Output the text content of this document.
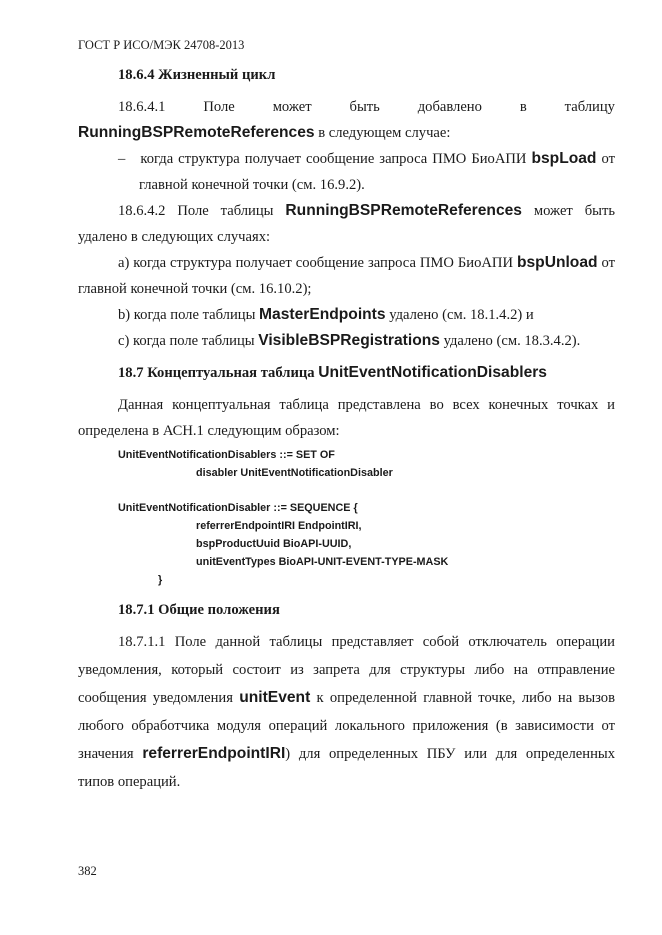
ГОСТ Р ИСО/МЭК 24708-2013
18.6.4 Жизненный цикл
18.6.4.1	Поле	может	быть	добавлено	в	таблицу
RunningBSPRemoteReferences в следующем случае:
– когда структура получает сообщение запроса ПМО БиоАПИ bspLoad от главной конечной точки (см. 16.9.2).
18.6.4.2 Поле таблицы RunningBSPRemoteReferences может быть удалено в следующих случаях:
а) когда структура получает сообщение запроса ПМО БиоАПИ bspUnload от главной конечной точки (см. 16.10.2);
b) когда поле таблицы MasterEndpoints удалено (см. 18.1.4.2) и
с) когда поле таблицы VisibleBSPRegistrations удалено (см. 18.3.4.2).
18.7 Концептуальная таблица UnitEventNotificationDisablers
Данная концептуальная таблица представлена во всех конечных точках и определена в АСН.1 следующим образом:
UnitEventNotificationDisablers ::= SET OF
disabler UnitEventNotificationDisabler
UnitEventNotificationDisabler ::= SEQUENCE {
referrerEndpointIRI EndpointIRI,
bspProductUuid BioAPI-UUID,
unitEventTypes BioAPI-UNIT-EVENT-TYPE-MASK
}
18.7.1 Общие положения
18.7.1.1 Поле данной таблицы представляет собой отключатель операции уведомления, который состоит из запрета для структуры либо на отправление сообщения уведомления unitEvent к определенной главной точке, либо на вызов любого обработчика модуля операций локального приложения (в зависимости от значения referrerEndpointIRI) для определенных ПБУ или для определенных типов операций.
382
